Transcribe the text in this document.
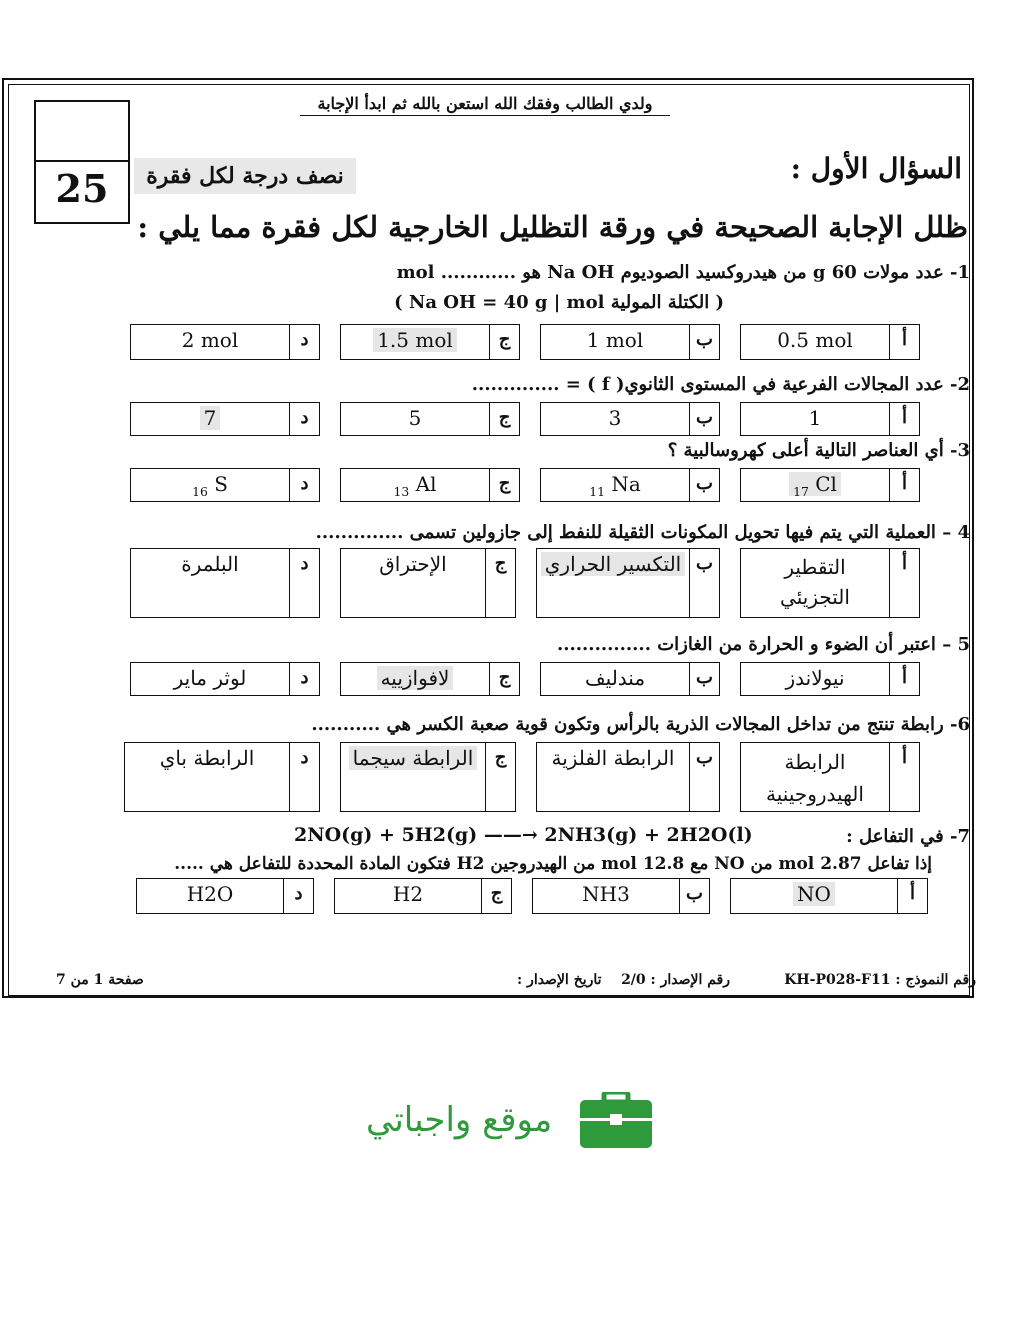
ولدي الطالب وفقك الله استعن بالله ثم ابدأ الإجابة
25	نصف درجة لكل فقرة	السؤال الأول :
ظلل الإجابة الصحيحة في ورقة التظليل الخارجية لكل فقرة مما يلي :
1- عدد مولات g 60 من هيدروكسيد الصوديوم Na OH هو ............ mol
( الكتلة المولية Na OH = 40 g | mol )
أ
0.5 mol
ب
1 mol
ج
1.5 mol
د
2 mol
2- عدد المجالات الفرعية في المستوى الثانوي( f ) = ..............
أ
1
ب
3
ج
5
د
7
3- أي العناصر التالية أعلى كهروسالبية ؟
أ
$_{17}$ Cl
ب
$_{11}$ Na
ج
$_{13}$ Al
د
$_{16}$ S
4 – العملية التي يتم فيها تحويل المكونات الثقيلة للنفط إلى جازولين تسمى ..............
أ
التقطير
التجزيئي
ب
التكسير الحراري
ج
الإحتراق
د
البلمرة
5 – اعتبر أن الضوء و الحرارة من الغازات ...............
أ
نيولاندز
ب
مندليف
ج
لافوازييه
د
لوثر ماير
6- رابطة تنتج من تداخل المجالات الذرية بالرأس وتكون قوية صعبة الكسر هي ...........
أ
الرابطة
الهيدروجينية
ب
الرابطة الفلزية
ج
الرابطة سيجما
د
الرابطة باي
7- في التفاعل :
2NO(g) + 5H2(g) ——→ 2NH3(g) + 2H2O(l)
إذا تفاعل 2.87 mol من NO مع 12.8 mol من الهيدروجين H2 فتكون المادة المحددة للتفاعل هي .....
أ
NO
ب
NH3
ج
H2
د
H2O
رقم النموذج : KH-P028-F11
رقم الإصدار : 2/0    تاريخ الإصدار :
صفحة 1 من 7
موقع واجباتي
